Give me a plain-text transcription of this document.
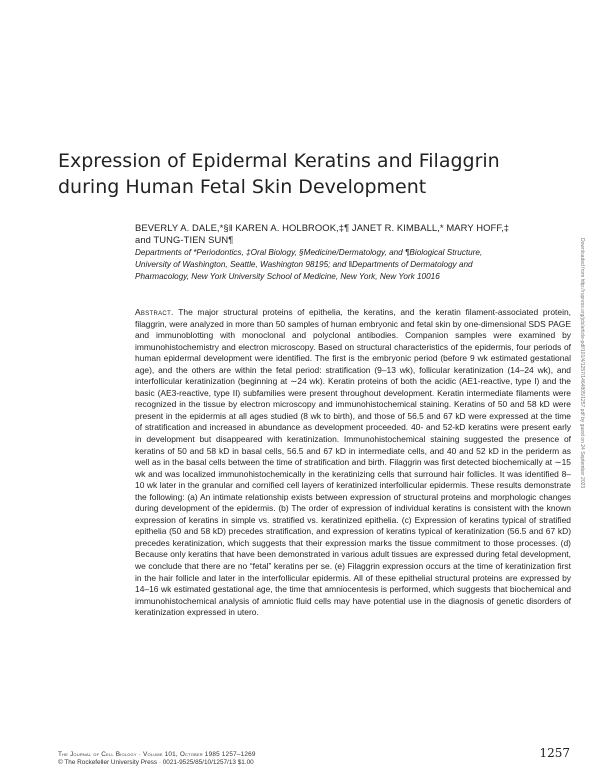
Expression of Epidermal Keratins and Filaggrin
during Human Fetal Skin Development
BEVERLY A. DALE,*§‖ KAREN A. HOLBROOK,‡¶ JANET R. KIMBALL,* MARY HOFF,‡
and TUNG-TIEN SUN¶
Departments of *Periodontics, ‡Oral Biology, §Medicine/Dermatology, and ¶Biological Structure,
University of Washington, Seattle, Washington 98195; and ‖Departments of Dermatology and
Pharmacology, New York University School of Medicine, New York, New York 10016

Abstract. The major structural proteins of epithelia, the keratins, and the keratin filament-associated protein, filaggrin, were analyzed in more than 50 samples of human embryonic and fetal skin by one-dimensional SDS PAGE and immunoblotting with monoclonal and polyclonal antibodies. Companion samples were examined by immunohistochemistry and electron microscopy. Based on structural characteristics of the epidermis, four periods of human epidermal development were identified. The first is the embryonic period (before 9 wk estimated gestational age), and the others are within the fetal period: stratification (9–13 wk), follicular keratinization (14–24 wk), and interfollicular keratinization (beginning at ∼24 wk). Keratin proteins of both the acidic (AE1-reactive, type I) and the basic (AE3-reactive, type II) subfamilies were present throughout development. Keratin intermediate filaments were recognized in the tissue by electron microscopy and immunohistochemical staining. Keratins of 50 and 58 kD were present in the epidermis at all ages studied (8 wk to birth), and those of 56.5 and 67 kD were expressed at the time of stratification and increased in abundance as development proceeded. 40- and 52-kD keratins were present early in development but disappeared with keratinization. Immunohistochemical staining suggested the presence of keratins of 50 and 58 kD in basal cells, 56.5 and 67 kD in intermediate cells, and 40 and 52 kD in the periderm as well as in the basal cells between the time of stratification and birth. Filaggrin was first detected biochemically at ∼15 wk and was localized immunohistochemically in the keratinizing cells that surround hair follicles. It was identified 8–10 wk later in the granular and cornified cell layers of keratinized interfollicular epidermis. These results demonstrate the following: (a) An intimate relationship exists between expression of structural proteins and morphologic changes during development of the epidermis. (b) The order of expression of individual keratins is consistent with the known expression of keratins in simple vs. stratified vs. keratinized epithelia. (c) Expression of keratins typical of stratified epithelia (50 and 58 kD) precedes stratification, and expression of keratins typical of keratinization (56.5 and 67 kD) precedes keratinization, which suggests that their expression marks the tissue commitment to those processes. (d) Because only keratins that have been demonstrated in various adult tissues are expressed during fetal development, we conclude that there are no “fetal” keratins per se. (e) Filaggrin expression occurs at the time of keratinization first in the hair follicle and later in the interfollicular epidermis. All of these epithelial structural proteins are expressed by 14–16 wk estimated gestational age, the time that amniocentesis is performed, which suggests that biochemical and immunohistochemical analysis of amniotic fluid cells may have potential use in the diagnosis of genetic disorders of keratinization expressed in utero.

Downloaded from http://rupress.org/jcb/article-pdf/101/4/1257/1464805/1257.pdf by guest on 24 September 2023
The Journal of Cell Biology · Volume 101, October 1985 1257–1269
© The Rockefeller University Press · 0021-9525/85/10/1257/13 $1.00
1257
